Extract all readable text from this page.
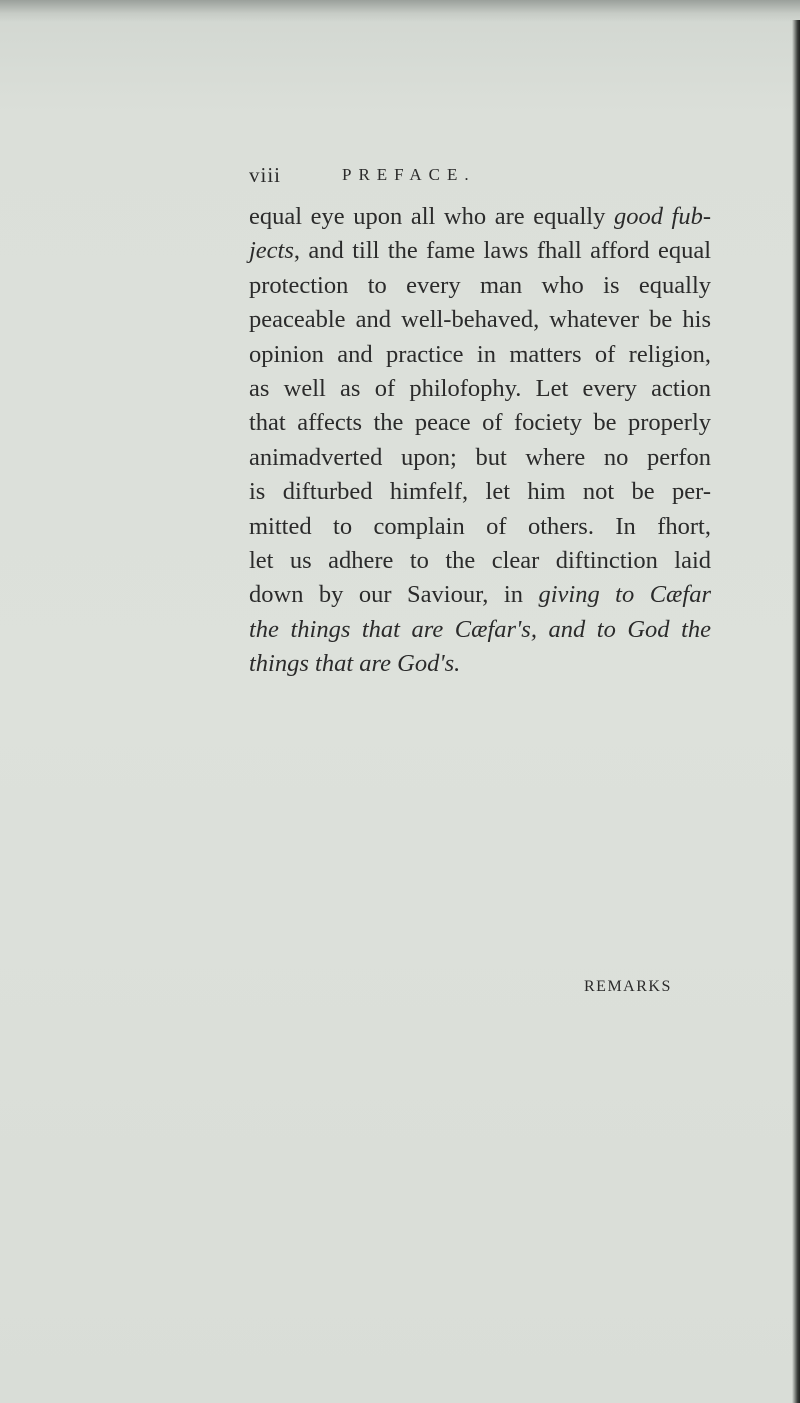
viii	PREFACE.
equal eye upon all who are equally good fub-
jects, and till the fame laws fhall afford equal
protection to every man who is equally
peaceable and well-behaved, whatever be his
opinion and practice in matters of religion,
as well as of philofophy. Let every action
that affects the peace of fociety be properly
animadverted upon; but where no perfon
is difturbed himfelf, let him not be per-
mitted to complain of others. In fhort,
let us adhere to the clear diftinction laid
down by our Saviour, in giving to Cæfar
the things that are Cæfar's, and to God the
things that are God's.
REMARKS
